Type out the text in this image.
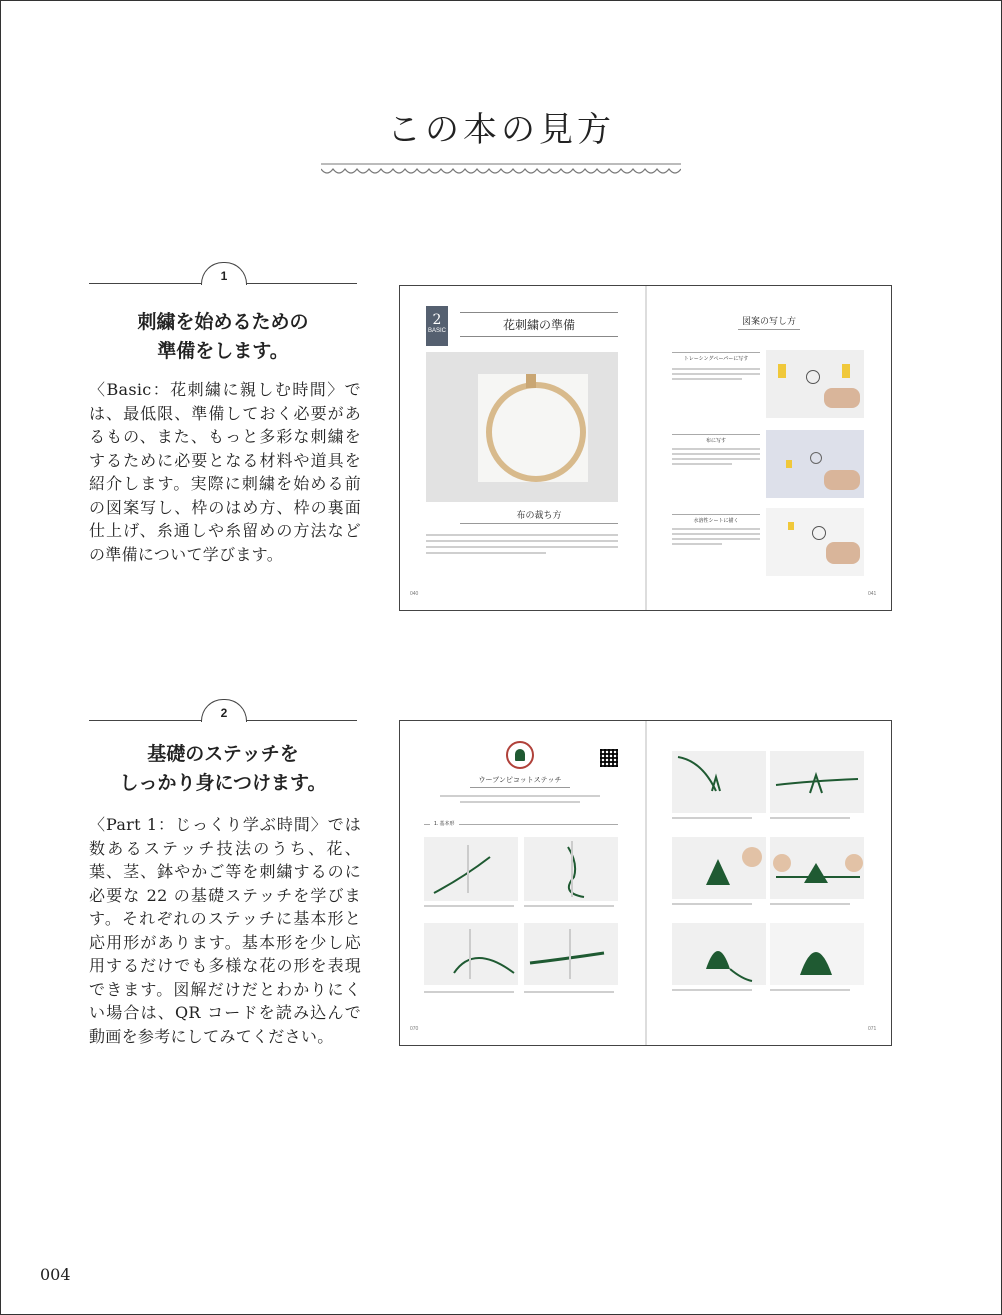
この本の見方
1
刺繍を始めるための
準備をします。
〈Basic：花刺繍に親しむ時間〉では、最低限、準備しておく必要があるもの、また、もっと多彩な刺繍をするために必要となる材料や道具を紹介します。実際に刺繍を始める前の図案写し、枠のはめ方、枠の裏面仕上げ、糸通しや糸留めの方法などの準備について学びます。
2
BASIC	花刺繍の準備
布の裁ち方
040
図案の写し方
トレーシングペーパーに写す
布に写す
水溶性シートに描く
041
2
基礎のステッチを
しっかり身につけます。
〈Part 1：じっくり学ぶ時間〉では数あるステッチ技法のうち、花、葉、茎、鉢やかご等を刺繍するのに必要な 22 の基礎ステッチを学びます。それぞれのステッチに基本形と応用形があります。基本形を少し応用するだけでも多様な花の形を表現できます。図解だけだとわかりにくい場合は、QR コードを読み込んで動画を参考にしてみてください。
ウーブンピコットステッチ
1. 基本形
070	071
004
